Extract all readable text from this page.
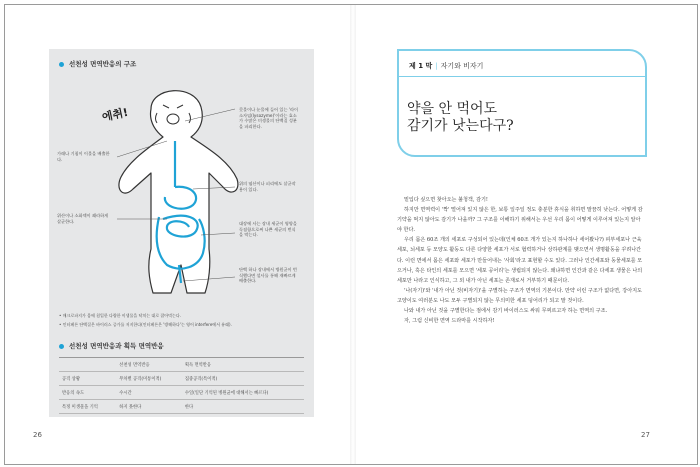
선천성 면역반응의 구조
에취!	콧물이나 눈물에 들어 있는 '라이소자임(lysozyme)'이라는 효소가 수많은 미생물의 단백질 성분을 파괴한다.
가래나 기침이 이물을 배출한다.
위의 염산이나 피리에도 살균작용이 있다.
위산이나 소화액이 쾌라하게 살균한다.	대장에 사는 장내 세균이 영양을 독점함으로써 나쁜 세균의 번식을 막는다.
단백 하나 장내에서 병원균이 번식했다면 설사를 통해 재빠르게 배출한다.
• 매크로파지가 몸에 침입한 다량한 이생물을 닥치는 대로 잡아먹는다.
• 인터페론 단백질은 바이러스 증가를 저지한다(인터페론은 '방해하다'는 영어 interfere에서 유래).
선천성 면역반응과 획득 면역반응
	선천성 면역반응	획득 면역반응
공격 상황	무차별 공격(미통이적)	집중공격(특이적)
반응의 속도	수시간	수일(일단 기억된 병원균에 대해서는 빠르다)
특정 미생물을 기억	하지 못한다	한다
26
제 1 막 | 자기와 비자기
약을 안 먹어도
감기가 낫는다구?

밑입다 싶으면 찾아오는 불청객, 감기!

하지만 면역력이 '짝' 떨어져 있지 않은 한, 보통 일주일 정도 충분한 휴식을 취하면 말끔히 낫는다. 어떻게 감기약을 먹지 않아도 감기가 나을까? 그 구조를 이해하기 위해서는 우선 우리 몸이 어떻게 이루어져 있는지 알아야 한다.

우리 몸은 60조 개의 세포로 구성되어 있는데(인체 60조 개가 있는지 하나하나 세어봤나?) 피부세포나 근육세포, 뇌세포 등 모양도 활동도 다른 다양한 세포가 서로 협력하거나 상하관계를 맺으면서 생명활동을 꾸려나간다. 이런 면에서 몸은 세포와 세포가 만들어내는 '사회'라고 표현할 수도 있다. 그러나 인간세포와 동물세포를 모으거나, 혹은 타인의 세포를 모으면 '세포 공어리'는 생립되지 않는다. 왜냐하면 인간과 같은 다세포 생물은 나의 세포만 나라고 인식하고, 그 외 내가 아닌 세포는 존재로서 거부하기 때문이다.

'나(자기)'와 '내가 아닌 것(비자기)'을 구별하는 구조가 면역의 기본이다. 만약 이런 구조가 없다면, 강아지도 고양이도 여러분도 나도 모두 구별되지 않는 무의미한 세포 덩어리가 되고 말 것이다.

나와 내가 아닌 것을 구별한다는 점에서 감기 바이러스도 싸워 무찌르고자 하는 면역의 구조.

자, 그럼 신비한 면역 드라마를 시작하자!

27
